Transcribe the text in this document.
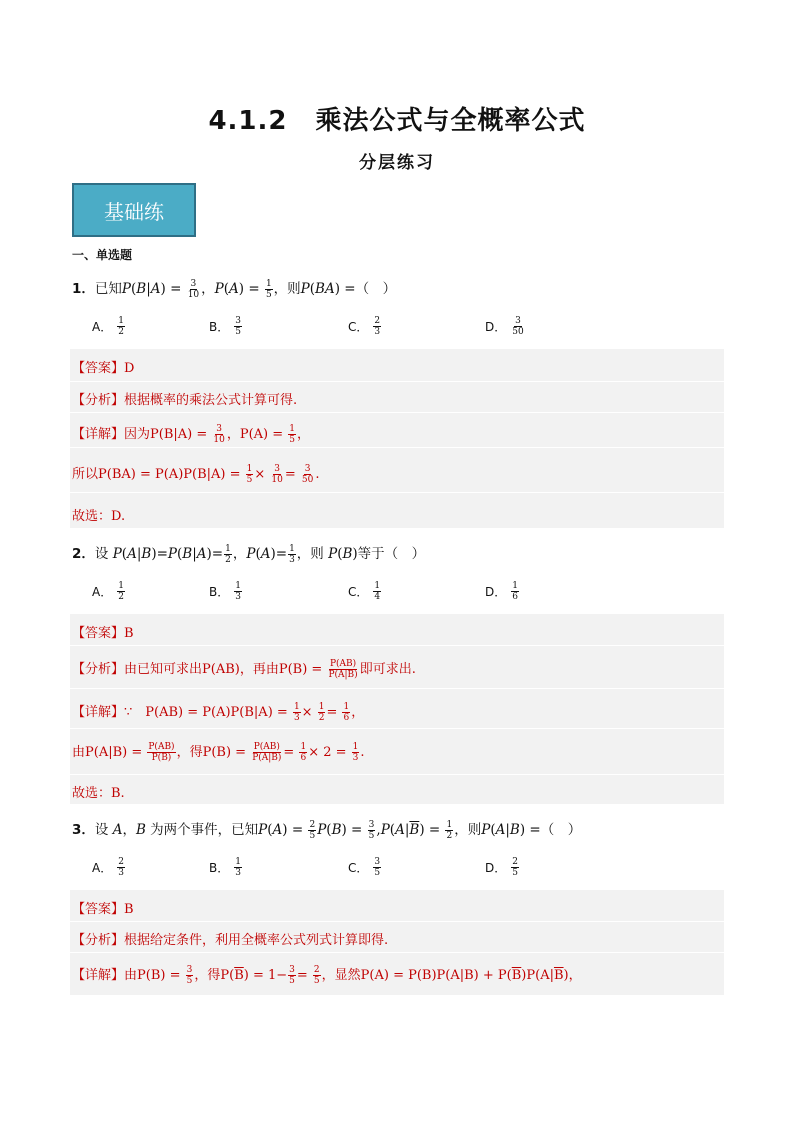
4.1.2 乘法公式与全概率公式
分层练习
基础练
一、单选题
1．已知$P(B|A) = \frac{3}{10}$ ，$P(A) = \frac{1}{5}$ ，则P(BA) =（　）
A． $\frac{1}{2}$	B． $\frac{3}{5}$	C． $\frac{2}{3}$	D． $\frac{3}{50}$
【答案】D
【分析】根据概率的乘法公式计算可得.
【详解】因为$P(B|A) = \frac{3}{10}$ ，$P(A) = \frac{1}{5}$ ，
所以$P(BA) = P(A)P(B|A) = \frac{1}{5} \times \frac{3}{10} = \frac{3}{50}$ .
故选：D.
2．设 $P(A|B)=P(B|A)= \frac{1}{2}$ ，$P(A)= \frac{1}{3}$ ，则 P(B)等于（　）
A． $\frac{1}{2}$	B． $\frac{1}{3}$	C． $\frac{1}{4}$	D． $\frac{1}{6}$
【答案】B
【分析】由已知可求出P(AB)，再由$P(B) = \frac{P(AB)}{P(A|B)}$ 即可求出.
【详解】∵　$P(AB) = P(A)P(B|A) = \frac{1}{3} \times \frac{1}{2} = \frac{1}{6}$ ，
由$P(A|B) = \frac{P(AB)}{P(B)}$ ，得$P(B) = \frac{P(AB)}{P(A|B)} = \frac{1}{6} \times 2 = \frac{1}{3}$ .
故选：B.
3．设 A，B 为两个事件，已知$P(A) = \frac{2}{5} P(B) = \frac{3}{5} ,P(A|\overline{B}) = \frac{1}{2}$ ，则P(A|B) =（　）
A． $\frac{2}{3}$	B． $\frac{1}{3}$	C． $\frac{3}{5}$	D． $\frac{2}{5}$
【答案】B
【分析】根据给定条件，利用全概率公式列式计算即得.
【详解】由$P(B) = \frac{3}{5}$ ，得$P(\overline{B}) = 1- \frac{3}{5} = \frac{2}{5}$ ，显然$P(A) = P(B)P(A|B) + P(\overline{B})P(A|\overline{B})$，
